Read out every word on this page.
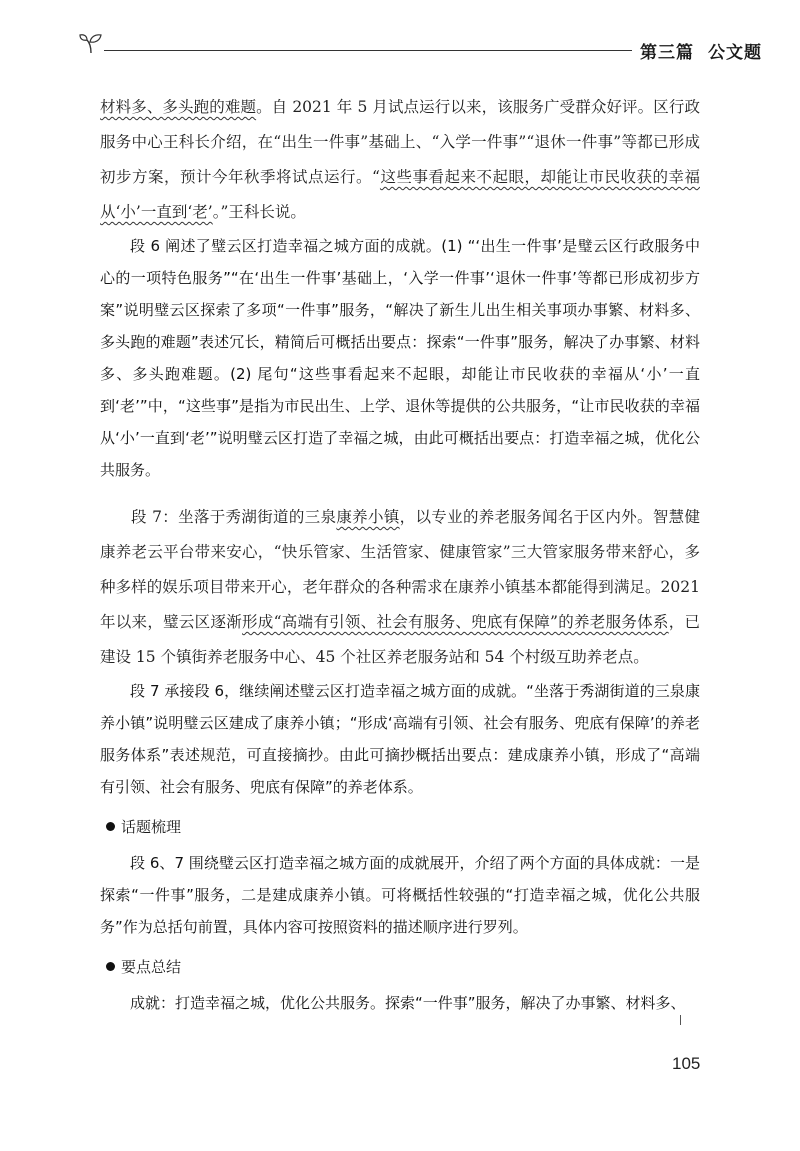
第三篇 公文题

材料多、多头跑的难题。自 2021 年 5 月试点运行以来，该服务广受群众好评。区行政服务中心王科长介绍，在“出生一件事”基础上、“入学一件事”“退休一件事”等都已形成初步方案，预计今年秋季将试点运行。“这些事看起来不起眼，却能让市民收获的幸福从‘小’一直到‘老’。”王科长说。

段 6 阐述了璧云区打造幸福之城方面的成就。(1) “‘出生一件事’是璧云区行政服务中心的一项特色服务”“在‘出生一件事’基础上，‘入学一件事’‘退休一件事’等都已形成初步方案”说明璧云区探索了多项“一件事”服务，“解决了新生儿出生相关事项办事繁、材料多、多头跑的难题”表述冗长，精简后可概括出要点：探索“一件事”服务，解决了办事繁、材料多、多头跑难题。(2) 尾句“这些事看起来不起眼，却能让市民收获的幸福从‘小’一直到‘老’”中，“这些事”是指为市民出生、上学、退休等提供的公共服务，“让市民收获的幸福从‘小’一直到‘老’”说明璧云区打造了幸福之城，由此可概括出要点：打造幸福之城，优化公共服务。

段 7：坐落于秀湖街道的三泉康养小镇，以专业的养老服务闻名于区内外。智慧健康养老云平台带来安心，“快乐管家、生活管家、健康管家”三大管家服务带来舒心，多种多样的娱乐项目带来开心，老年群众的各种需求在康养小镇基本都能得到满足。2021 年以来，璧云区逐渐形成“高端有引领、社会有服务、兜底有保障”的养老服务体系，已建设 15 个镇街养老服务中心、45 个社区养老服务站和 54 个村级互助养老点。

段 7 承接段 6，继续阐述璧云区打造幸福之城方面的成就。“坐落于秀湖街道的三泉康养小镇”说明璧云区建成了康养小镇；“形成‘高端有引领、社会有服务、兜底有保障’的养老服务体系”表述规范，可直接摘抄。由此可摘抄概括出要点：建成康养小镇，形成了“高端有引领、社会有服务、兜底有保障”的养老体系。

话题梳理

段 6、7 围绕璧云区打造幸福之城方面的成就展开，介绍了两个方面的具体成就：一是探索“一件事”服务，二是建成康养小镇。可将概括性较强的“打造幸福之城，优化公共服务”作为总括句前置，具体内容可按照资料的描述顺序进行罗列。

要点总结

成就：打造幸福之城，优化公共服务。探索“一件事”服务，解决了办事繁、材料多、

105
